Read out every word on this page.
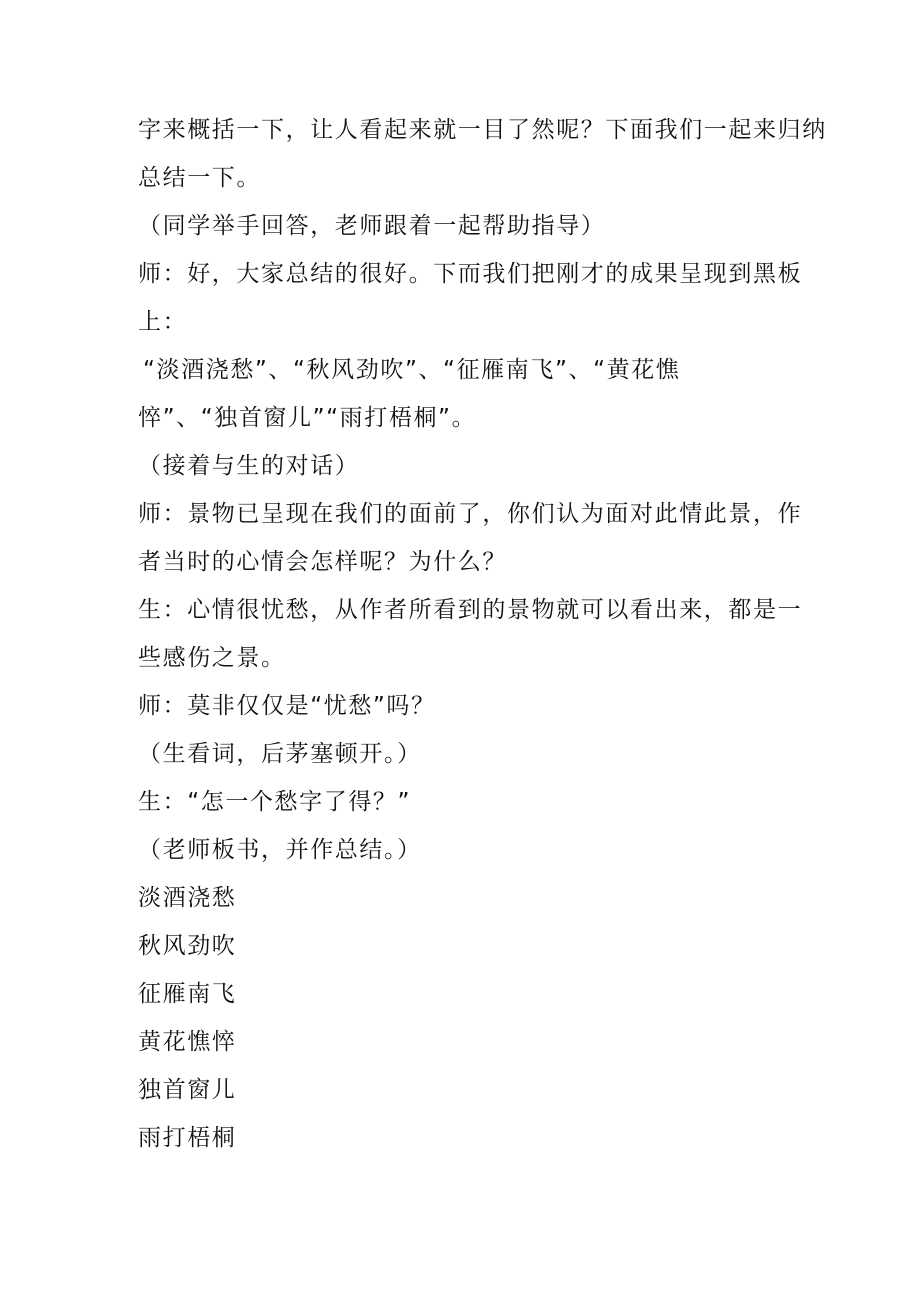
字来概括一下，让人看起来就一目了然呢？下面我们一起来归纳
总结一下。
（同学举手回答，老师跟着一起帮助指导）
师：好，大家总结的很好。下而我们把刚才的成果呈现到黑板
上：
“淡酒浇愁”、“秋风劲吹”、“征雁南飞”、“黄花憔
悴”、“独首窗儿”“雨打梧桐”。
（接着与生的对话）
师：景物已呈现在我们的面前了，你们认为面对此情此景，作
者当时的心情会怎样呢？为什么？
生：心情很忧愁，从作者所看到的景物就可以看出来，都是一
些感伤之景。
师：莫非仅仅是“忧愁”吗？
（生看词，后茅塞顿开。）
生：“怎一个愁字了得？”
（老师板书，并作总结。）
淡酒浇愁
秋风劲吹
征雁南飞
黄花憔悴
独首窗儿
雨打梧桐
